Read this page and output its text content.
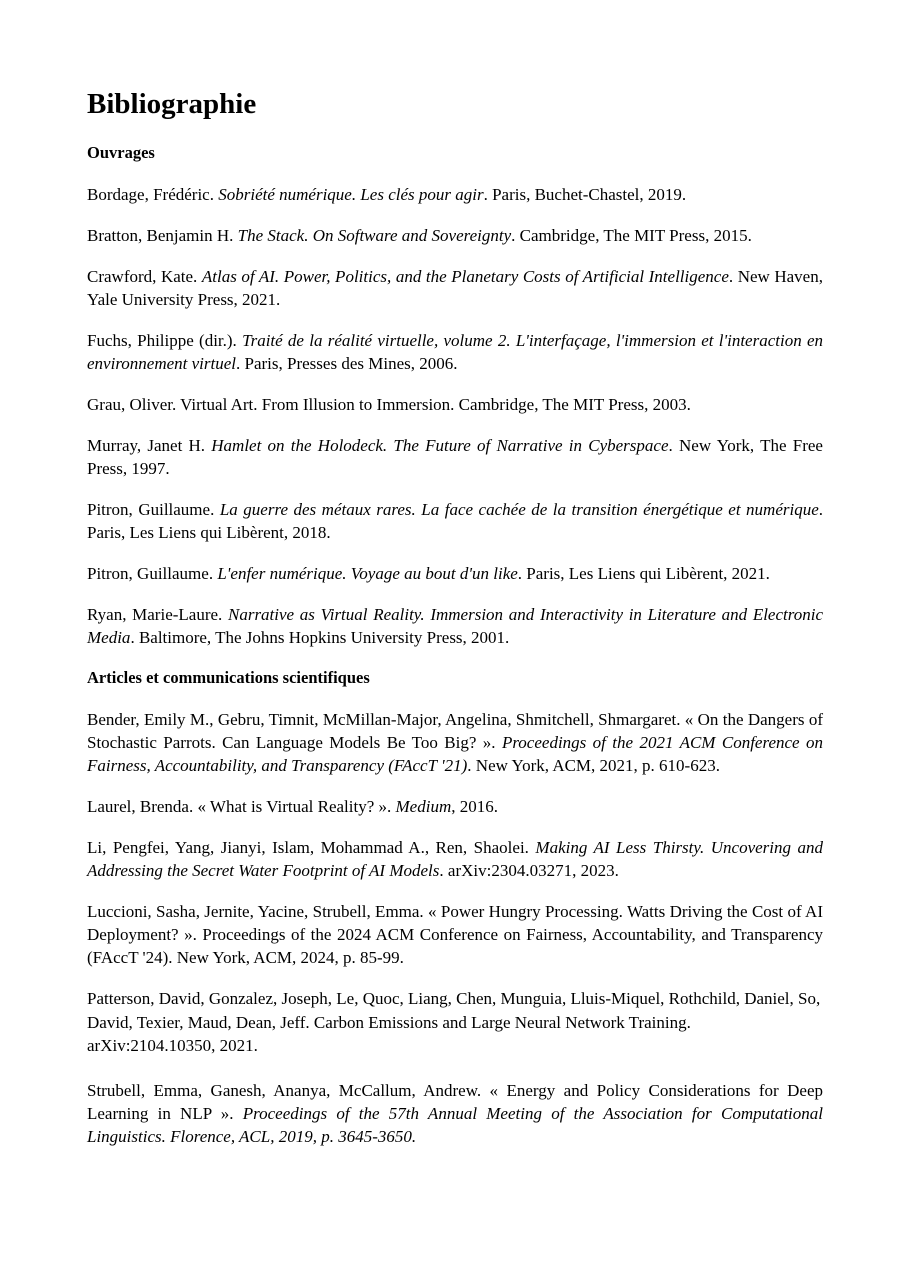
Bibliographie
Ouvrages

Bordage, Frédéric. Sobriété numérique. Les clés pour agir. Paris, Buchet-Chastel, 2019.

Bratton, Benjamin H. The Stack. On Software and Sovereignty. Cambridge, The MIT Press, 2015.

Crawford, Kate. Atlas of AI. Power, Politics, and the Planetary Costs of Artificial Intelligence. New Haven, Yale University Press, 2021.

Fuchs, Philippe (dir.). Traité de la réalité virtuelle, volume 2. L'interfaçage, l'immersion et l'interaction en environnement virtuel. Paris, Presses des Mines, 2006.

Grau, Oliver. Virtual Art. From Illusion to Immersion. Cambridge, The MIT Press, 2003.

Murray, Janet H. Hamlet on the Holodeck. The Future of Narrative in Cyberspace. New York, The Free Press, 1997.

Pitron, Guillaume. La guerre des métaux rares. La face cachée de la transition énergétique et numérique. Paris, Les Liens qui Libèrent, 2018.

Pitron, Guillaume. L'enfer numérique. Voyage au bout d'un like. Paris, Les Liens qui Libèrent, 2021.

Ryan, Marie-Laure. Narrative as Virtual Reality. Immersion and Interactivity in Literature and Electronic Media. Baltimore, The Johns Hopkins University Press, 2001.

Articles et communications scientifiques

Bender, Emily M., Gebru, Timnit, McMillan-Major, Angelina, Shmitchell, Shmargaret. « On the Dangers of Stochastic Parrots. Can Language Models Be Too Big? ». Proceedings of the 2021 ACM Conference on Fairness, Accountability, and Transparency (FAccT '21). New York, ACM, 2021, p. 610-623.

Laurel, Brenda. « What is Virtual Reality? ». Medium, 2016.

Li, Pengfei, Yang, Jianyi, Islam, Mohammad A., Ren, Shaolei. Making AI Less Thirsty. Uncovering and Addressing the Secret Water Footprint of AI Models. arXiv:2304.03271, 2023.

Luccioni, Sasha, Jernite, Yacine, Strubell, Emma. « Power Hungry Processing. Watts Driving the Cost of AI Deployment? ». Proceedings of the 2024 ACM Conference on Fairness, Accountability, and Transparency (FAccT '24). New York, ACM, 2024, p. 85-99.

Patterson, David, Gonzalez, Joseph, Le, Quoc, Liang, Chen, Munguia, Lluis-Miquel, Rothchild, Daniel, So, David, Texier, Maud, Dean, Jeff. Carbon Emissions and Large Neural Network Training. arXiv:2104.10350, 2021.

Strubell, Emma, Ganesh, Ananya, McCallum, Andrew. « Energy and Policy Considerations for Deep Learning in NLP ». Proceedings of the 57th Annual Meeting of the Association for Computational Linguistics. Florence, ACL, 2019, p. 3645-3650.
